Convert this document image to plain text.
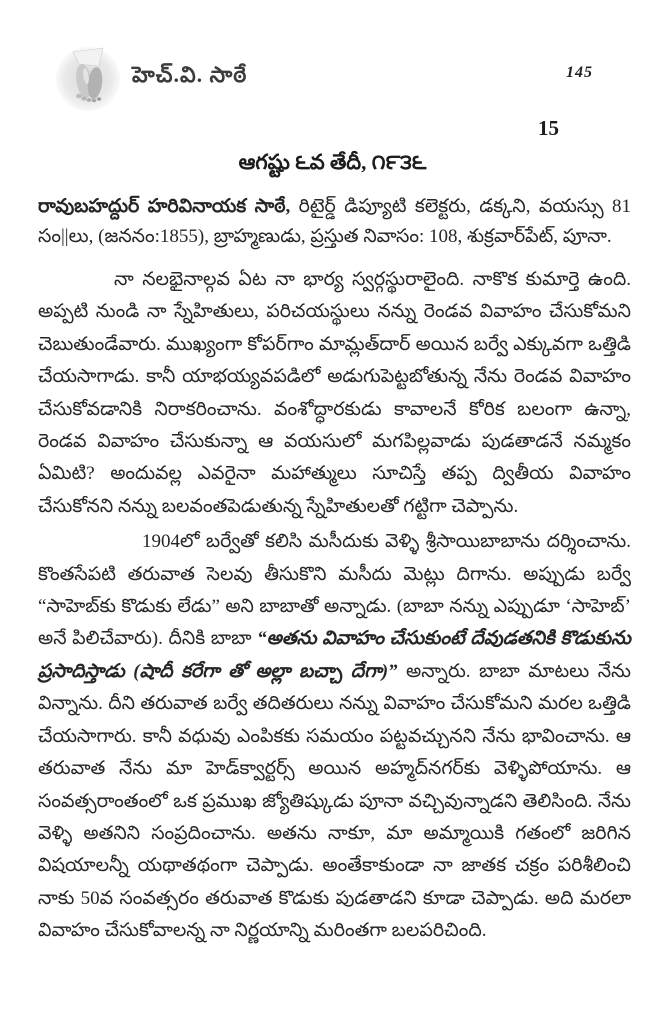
హెచ్.వి. సాఠే	145
15
ఆగష్టు ౬వ తేదీ, ౧౯౩౬

రావుబహద్దుర్ హరివినాయక సాఠే, రిటైర్డ్ డిప్యూటి కలెక్టరు, డక్కని, వయస్సు 81 సం||లు, (జననం:1855), బ్రాహ్మణుడు, ప్రస్తుత నివాసం: 108, శుక్రవార్‌పేట్, పూనా.

నా నలభైనాల్గవ ఏట నా భార్య స్వర్గస్థురాలైంది. నాకొక కుమార్తె ఉంది. అప్పటి నుండి నా స్నేహితులు, పరిచయస్థులు నన్ను రెండవ వివాహం చేసుకోమని చెబుతుండేవారు. ముఖ్యంగా కోపర్‌గాం మామ్లత్‌దార్ అయిన బర్వే ఎక్కువగా ఒత్తిడి చేయసాగాడు. కానీ యాభయ్యవపడిలో అడుగుపెట్టబోతున్న నేను రెండవ వివాహం చేసుకోవడానికి నిరాకరించాను. వంశోద్ధారకుడు కావాలనే కోరిక బలంగా ఉన్నా, రెండవ వివాహం చేసుకున్నా ఆ వయసులో మగపిల్లవాడు పుడతాడనే నమ్మకం ఏమిటి? అందువల్ల ఎవరైనా మహాత్ములు సూచిస్తే తప్ప ద్వితీయ వివాహం చేసుకోనని నన్ను బలవంతపెడుతున్న స్నేహితులతో గట్టిగా చెప్పాను.

1904లో బర్వేతో కలిసి మసీదుకు వెళ్ళి శ్రీసాయిబాబాను దర్శించాను. కొంతసేపటి తరువాత సెలవు తీసుకొని మసీదు మెట్లు దిగాను. అప్పుడు బర్వే “సాహెబ్‌కు కొడుకు లేడు” అని బాబాతో అన్నాడు. (బాబా నన్ను ఎప్పుడూ ‘సాహెబ్’ అనే పిలిచేవారు). దీనికి బాబా “అతను వివాహం చేసుకుంటే దేవుడతనికి కొడుకును ప్రసాదిస్తాడు (షాదీ కరేగా తో అల్లా బచ్చా దేగా)” అన్నారు. బాబా మాటలు నేను విన్నాను. దీని తరువాత బర్వే తదితరులు నన్ను వివాహం చేసుకోమని మరల ఒత్తిడి చేయసాగారు. కానీ వధువు ఎంపికకు సమయం పట్టవచ్చునని నేను భావించాను. ఆ తరువాత నేను మా హెడ్‌క్వార్టర్స్ అయిన అహ్మద్‌నగర్‌కు వెళ్ళిపోయాను. ఆ సంవత్సరాంతంలో ఒక ప్రముఖ జ్యోతిష్కుడు పూనా వచ్చివున్నాడని తెలిసింది. నేను వెళ్ళి అతనిని సంప్రదించాను. అతను నాకూ, మా అమ్మాయికి గతంలో జరిగిన విషయాలన్నీ యథాతథంగా చెప్పాడు. అంతేకాకుండా నా జాతక చక్రం పరిశీలించి నాకు 50వ సంవత్సరం తరువాత కొడుకు పుడతాడని కూడా చెప్పాడు. అది మరలా వివాహం చేసుకోవాలన్న నా నిర్ణయాన్ని మరింతగా బలపరిచింది.
